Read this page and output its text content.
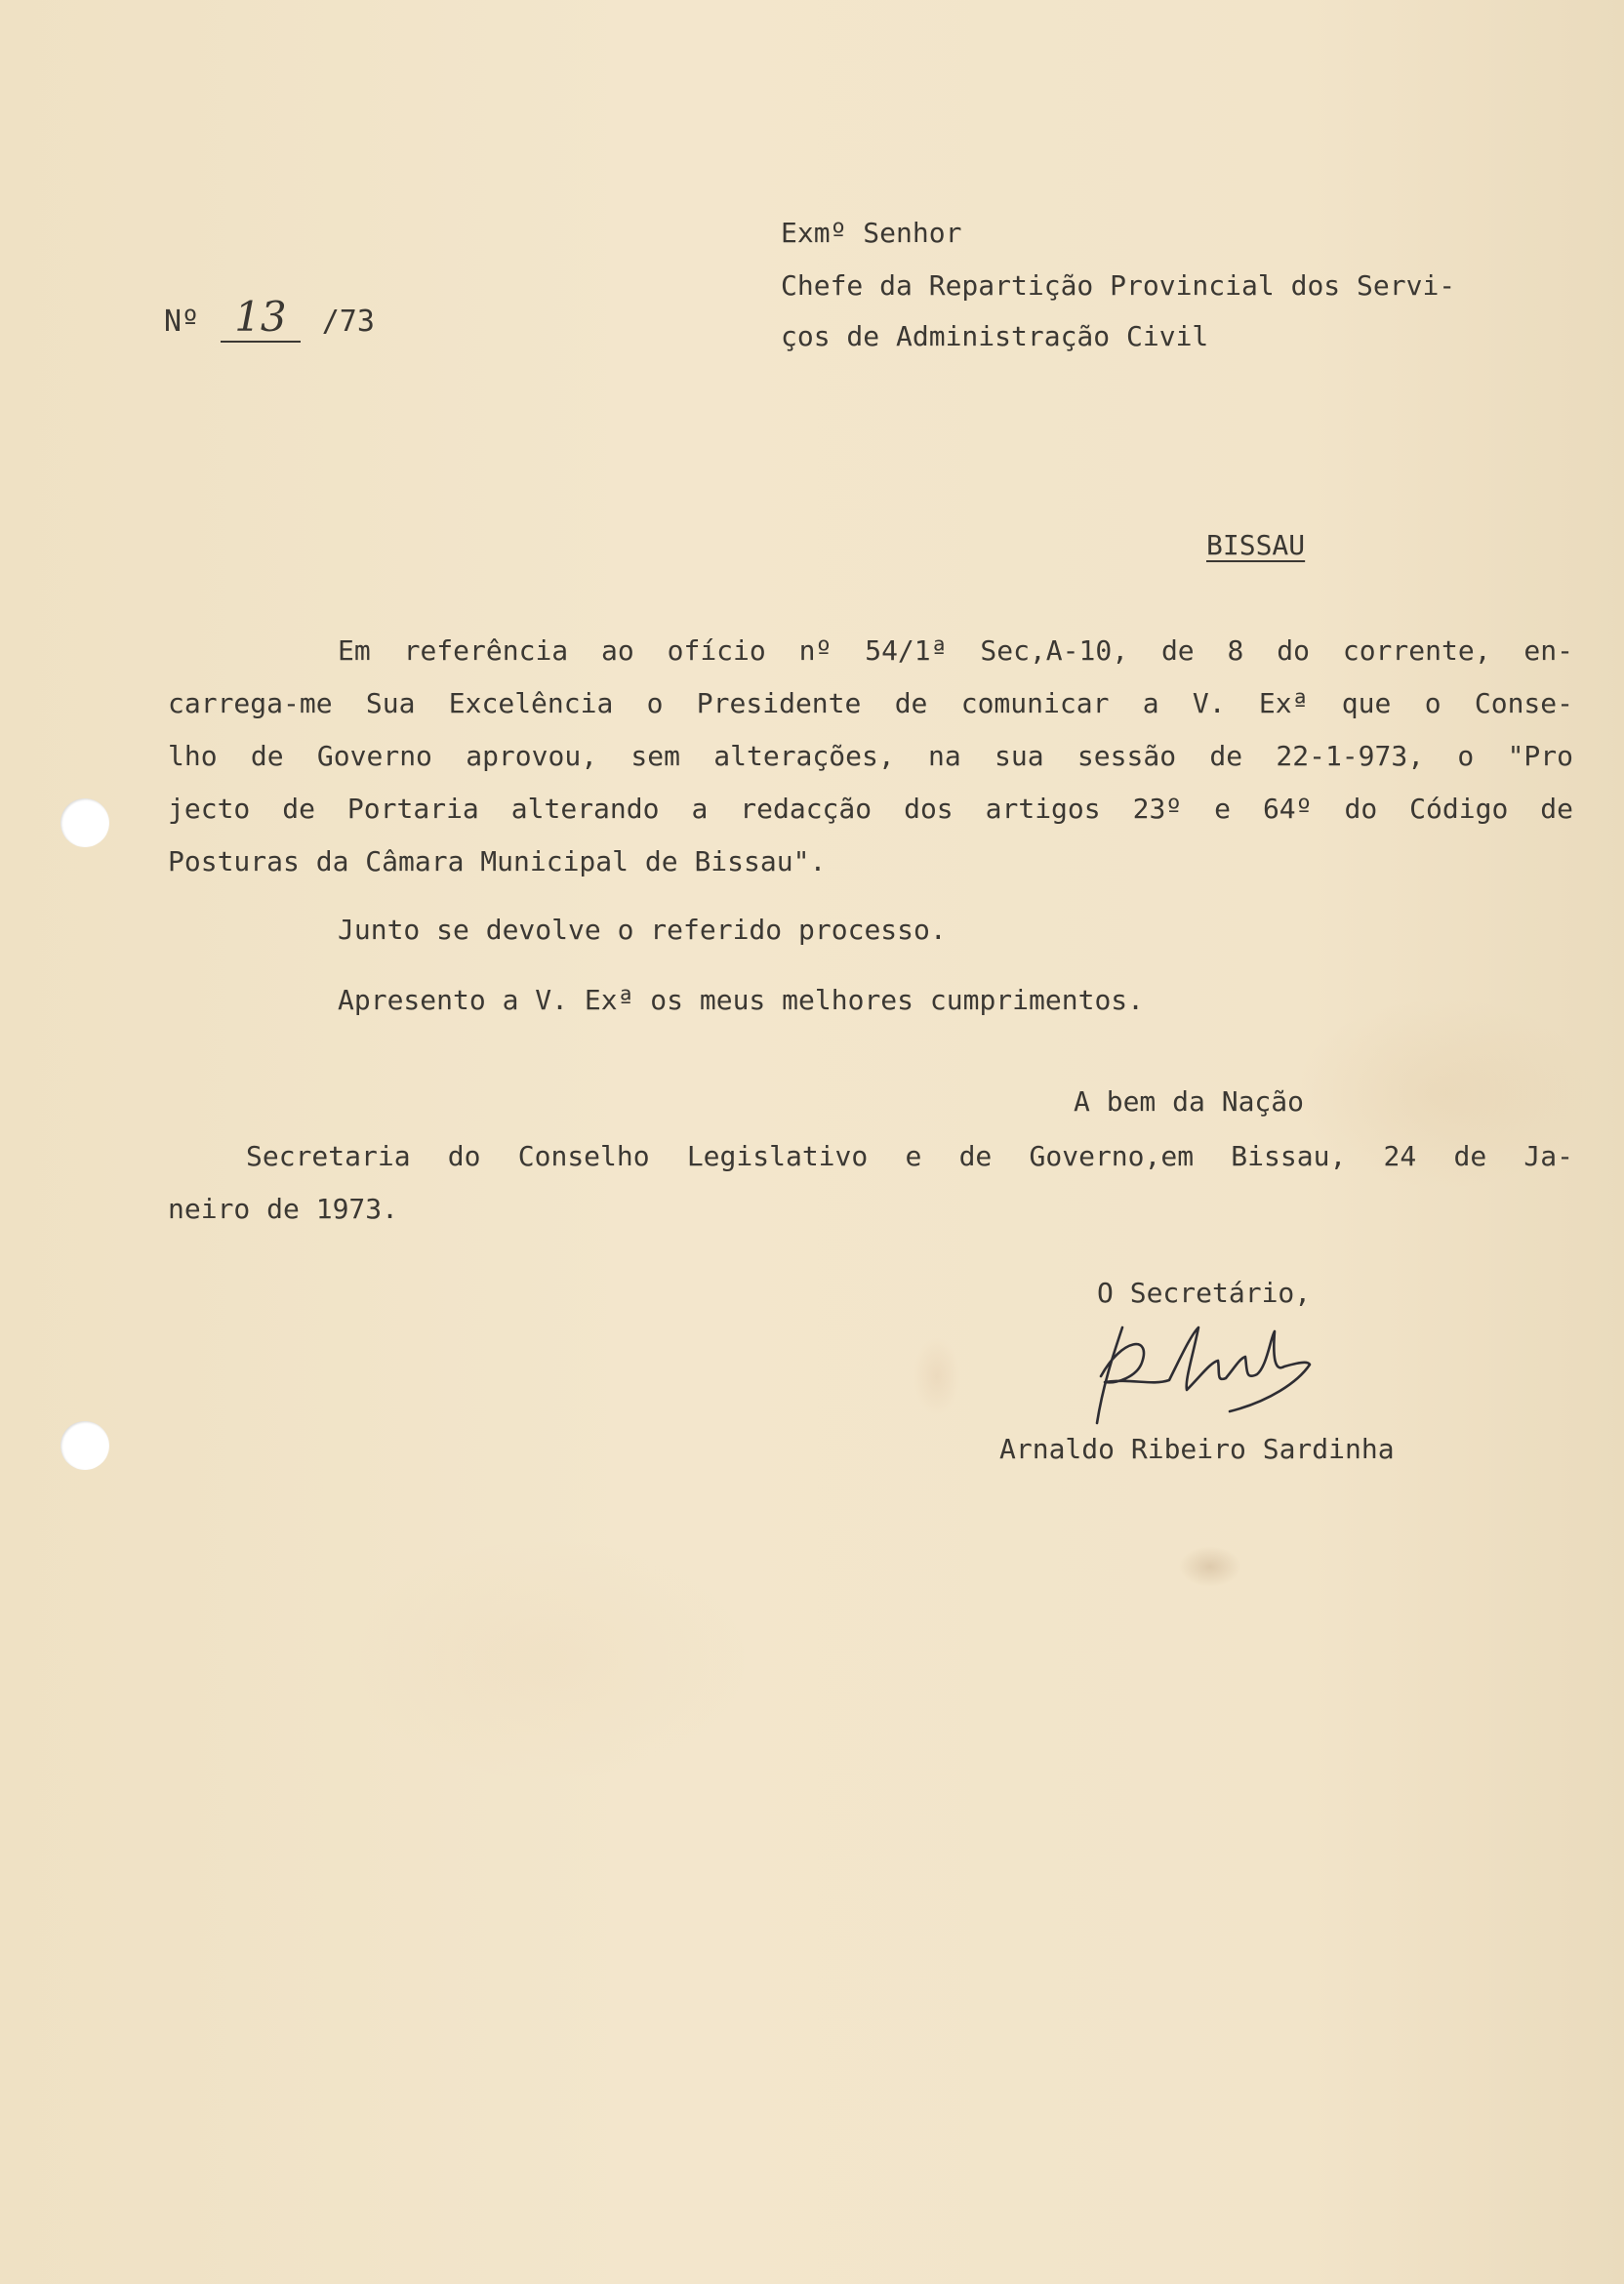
Nº 13 /73

Exmº Senhor

Chefe da Repartição Provincial dos Servi-

ços de Administração Civil

BISSAU

Em referência ao ofício nº 54/1ª Sec,A-10, de 8 do corrente, en-

carrega-me Sua Excelência o Presidente de comunicar a V. Exª que o Conse-

lho de Governo aprovou, sem alterações, na sua sessão de 22-1-973, o "Pro

jecto de Portaria alterando a redacção dos artigos 23º e 64º do Código de

Posturas da Câmara Municipal de Bissau".

Junto se devolve o referido processo.

Apresento a V. Exª os meus melhores cumprimentos.

A bem da Nação

Secretaria do Conselho Legislativo e de Governo,em Bissau, 24 de Ja-

neiro de 1973.

O Secretário,

Arnaldo Ribeiro Sardinha
